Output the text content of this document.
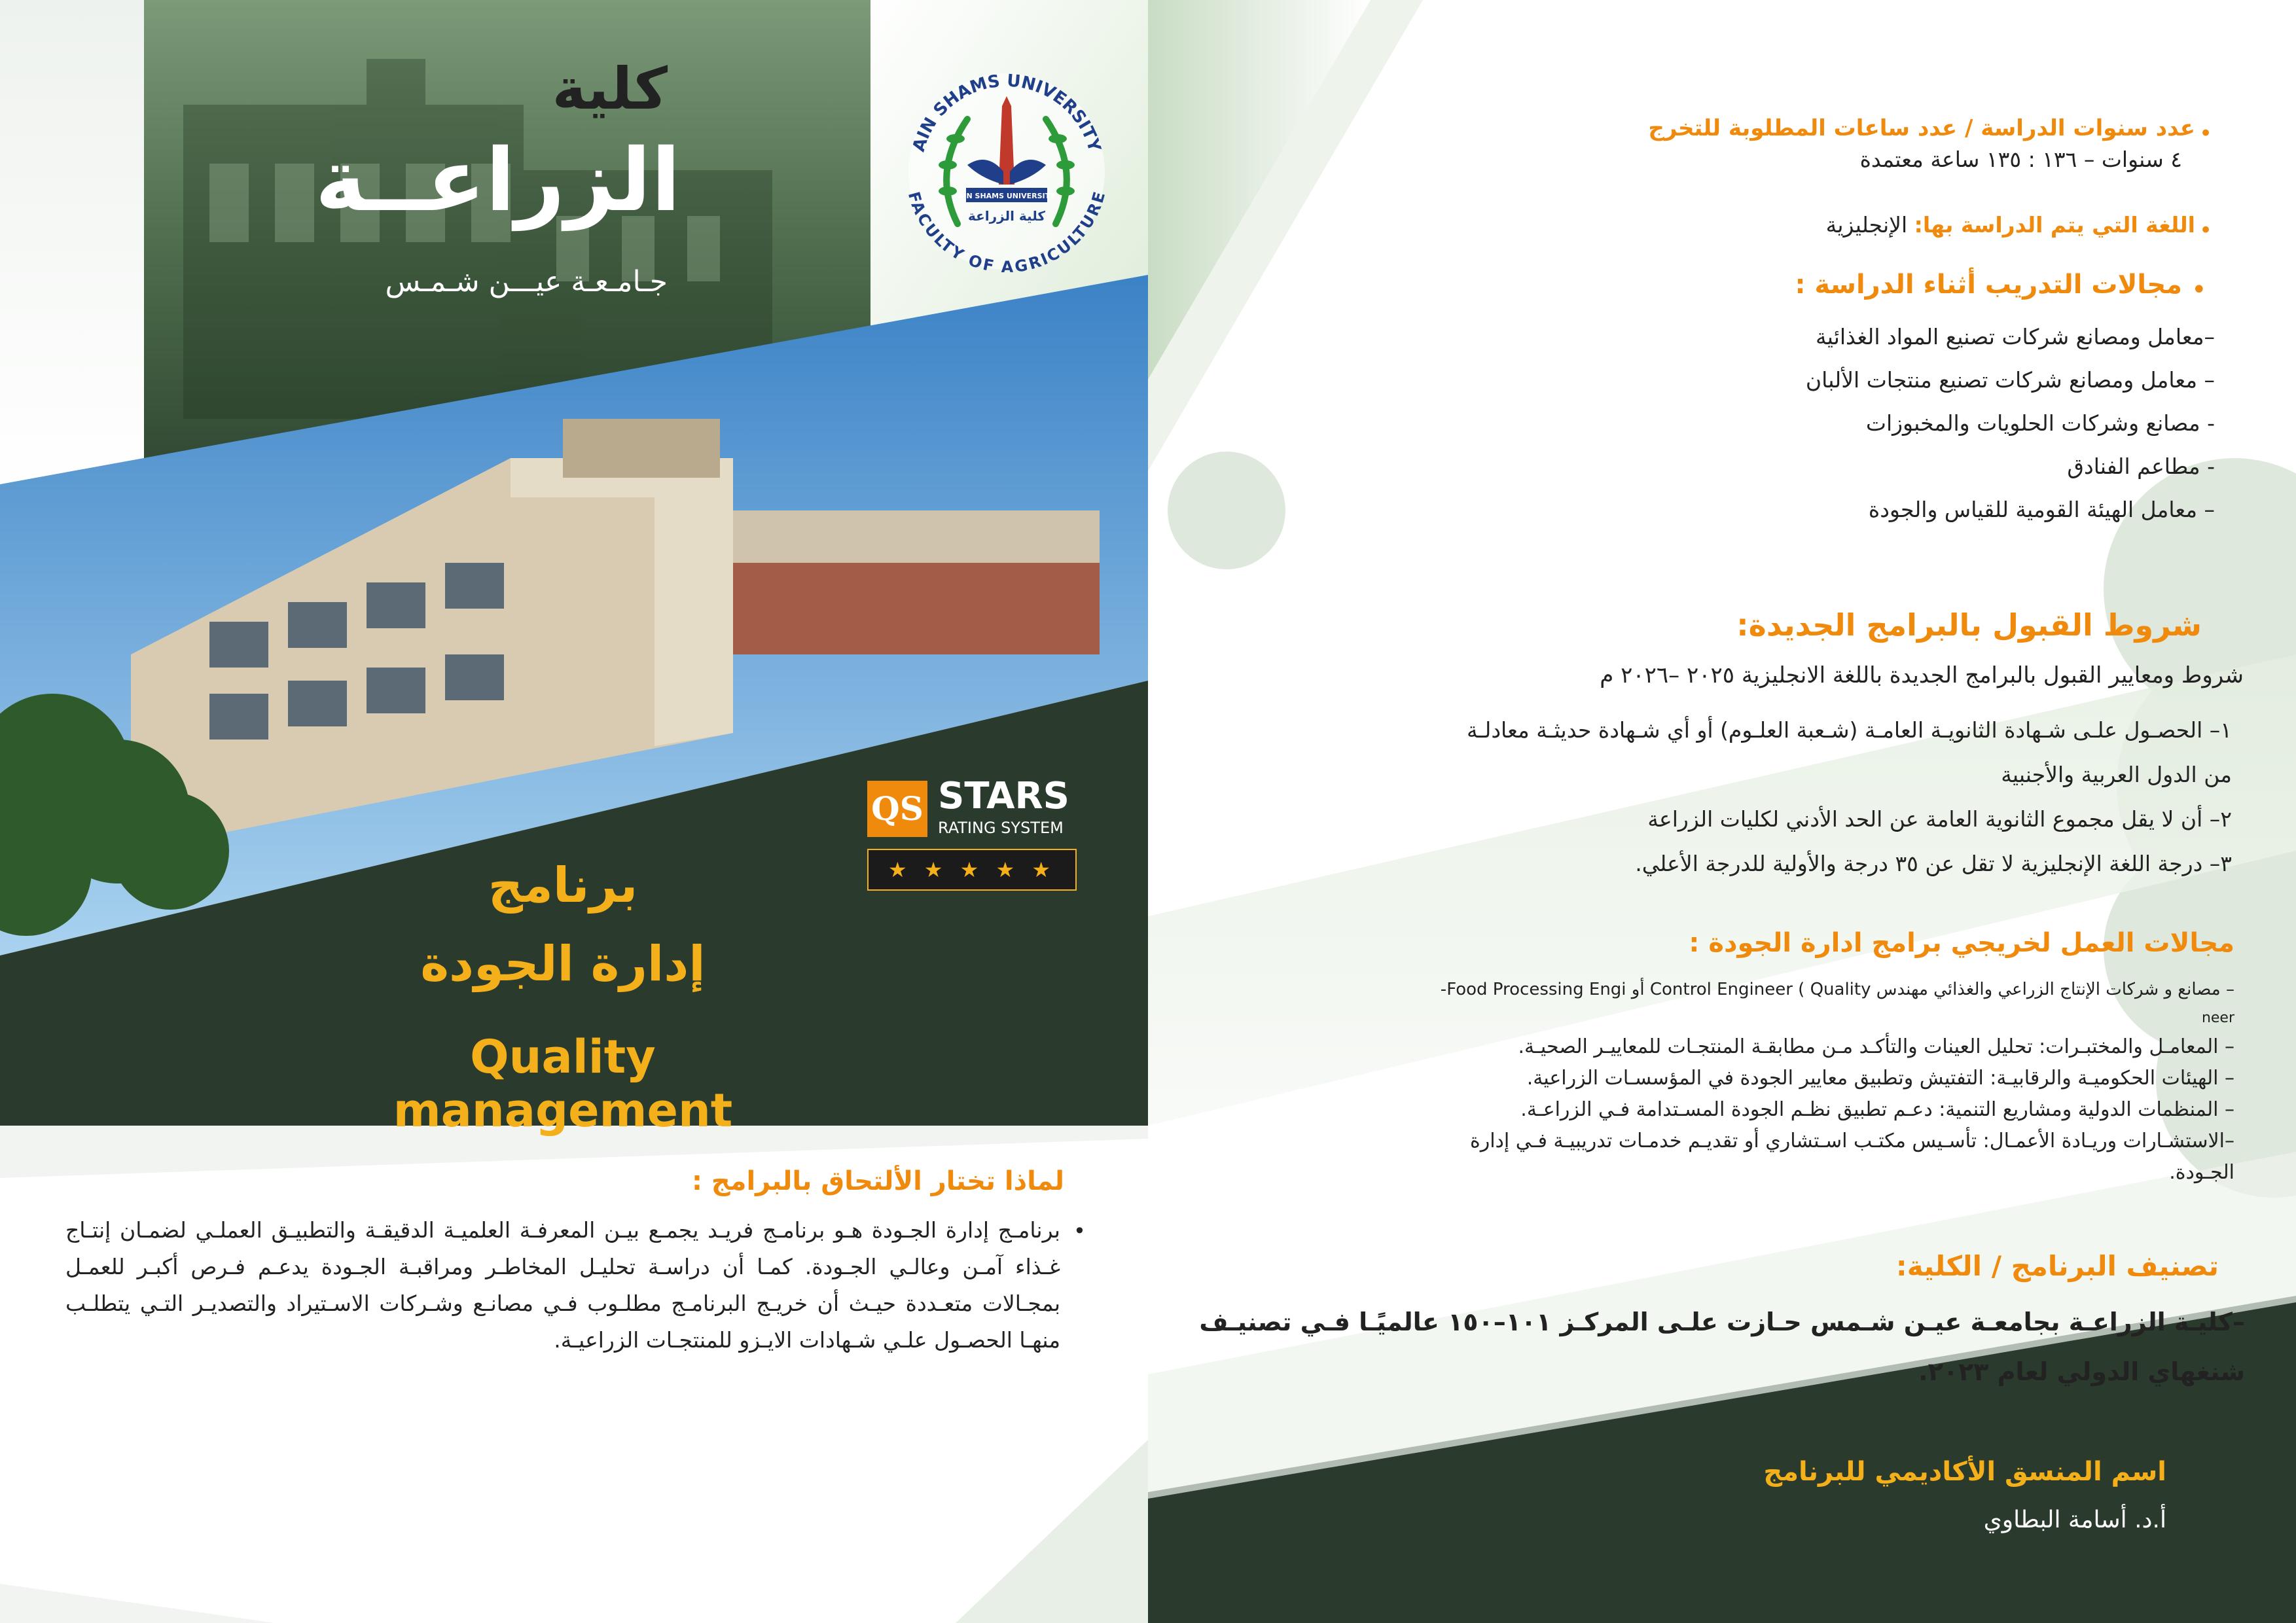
كلية
الزراعــة
جـامـعـة عيـــن شـمـس
AIN SHAMS UNIVERSITY
FACULTY OF AGRICULTURE
AIN SHAMS UNIVERSITY
كلية الزراعة
QS STARS
RATING SYSTEM
★ ★ ★ ★ ★
برنامج
إدارة الجودة
Quality management
لماذا تختار الألتحاق بالبرامج :
•
برنامـج إدارة الجـودة هـو برنامـج فريـد يجمـع بيـن المعرفـة العلميـة الدقيقـة والتطبيـق العملـي لضمـان إنتـاج غـذاء آمـن وعالـي الجـودة. كمـا أن دراسـة تحليـل المخاطـر ومراقبـة الجـودة يدعـم فـرص أكبـر للعمـل بمجـالات متعـددة حيـث أن خريـج البرنامـج مطلـوب فـي مصانـع وشـركات الاسـتيراد والتصديـر التـي يتطلـب منهـا الحصـول علـي شـهادات الايـزو للمنتجـات الزراعيـة.
•
عدد سنوات الدراسة / عدد ساعات المطلوبة للتخرج
٤ سنوات – ١٣٦ : ١٣٥ ساعة معتمدة
•
اللغة التي يتم الدراسة بها: الإنجليزية
•
مجالات التدريب أثناء الدراسة :
–معامل ومصانع شركات تصنيع المواد الغذائية
– معامل ومصانع شركات تصنيع منتجات الألبان
- مصانع وشركات الحلويات والمخبوزات
- مطاعم الفنادق
– معامل الهيئة القومية للقياس والجودة
شروط القبول بالبرامج الجديدة:
شروط ومعايير القبول بالبرامج الجديدة باللغة الانجليزية ٢٠٢٥ –٢٠٢٦ م
١– الحصـول علـى شـهادة الثانويـة العامـة (شـعبة العلـوم) أو أي شـهادة حديثـة معادلـة
من الدول العربية والأجنبية
٢– أن لا يقل مجموع الثانوية العامة عن الحد الأدني لكليات الزراعة
٣– درجة اللغة الإنجليزية لا تقل عن ٣٥ درجة والأولية للدرجة الأعلي.
مجالات العمل لخريجي برامج ادارة الجودة :
– مصانع و شركات الإنتاج الزراعي والغذائي مهندس Control Engineer ( Quality أو Food Processing Engi-
neer
– المعامـل والمختبـرات: تحليل العينات والتأكـد مـن مطابقـة المنتجـات للمعاييـر الصحيـة.
– الهيئات الحكوميـة والرقابيـة: التفتيش وتطبيق معايير الجودة في المؤسسـات الزراعية.
– المنظمات الدولية ومشاريع التنمية: دعـم تطبيق نظـم الجودة المسـتدامة فـي الزراعـة.
–الاستشـارات وريـادة الأعمـال: تأسـيس مكتـب اسـتشاري أو تقديـم خدمـات تدريبيـة فـي إدارة
الجـودة.
تصنيف البرنامج / الكلية:
–كليـة الزراعـة بجامعـة عيـن شـمس حـازت علـى المركـز ١٠١–١٥٠ عالميًـا فـي تصنيـف
شنغهاي الدولي لعام ٢٠٢٣.
اسم المنسق الأكاديمي للبرنامج
أ.د. أسامة البطاوي
